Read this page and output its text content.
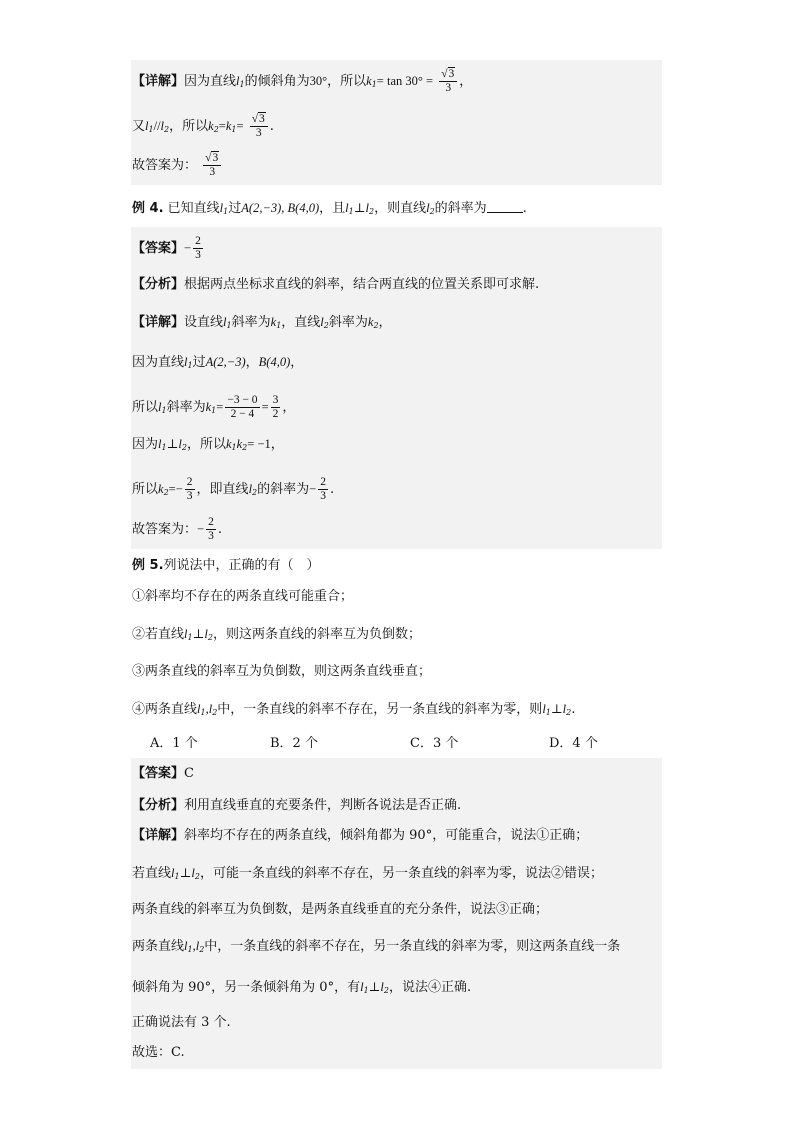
【详解】因为直线$l_1$的倾斜角为30°，所以$k_1= \tan 30^\circ = \frac{√3}{3}$ ，
又$l_1//l_2$，所以$k_2=k_1= \frac{√3}{3}$ .
故答案为： $\frac{√3}{3}$
例 4. 已知直线$l_1$过A(2,−3), B(4,0)，且$l_1\perp l_2$，则直线$l_2$的斜率为	.
【答案】− $\frac{2}{3}$
【分析】根据两点坐标求直线的斜率，结合两直线的位置关系即可求解.
【详解】设直线$l_1$斜率为$k_1$，直线$l_2$斜率为$k_2$，
因为直线$l_1$过A(2,−3)，B(4,0)，
所以$l_1$斜率为$k_1= \frac{-3 - 0}{2 - 4} = \frac{3}{2}$ ，
因为$l_1\perp l_2$，所以$k_1k_2= -1$，
所以$k_2=- \frac{2}{3}$ ，即直线$l_2$的斜率为− $\frac{2}{3}$ .
故答案为：− $\frac{2}{3}$ .
例 5.列说法中，正确的有（　）
①斜率均不存在的两条直线可能重合；
②若直线$l_1\perp l_2$，则这两条直线的斜率互为负倒数；
③两条直线的斜率互为负倒数，则这两条直线垂直；
④两条直线$l_1,l_2$中，一条直线的斜率不存在，另一条直线的斜率为零，则$l_1\perp l_2$.
A．1 个	B．2 个	C．3 个	D．4 个
【答案】C
【分析】利用直线垂直的充要条件，判断各说法是否正确.
【详解】斜率均不存在的两条直线，倾斜角都为 90°，可能重合，说法①正确；
若直线$l_1\perp l_2$，可能一条直线的斜率不存在，另一条直线的斜率为零，说法②错误；
两条直线的斜率互为负倒数，是两条直线垂直的充分条件，说法③正确；
两条直线$l_1,l_2$中，一条直线的斜率不存在，另一条直线的斜率为零，则这两条直线一条
倾斜角为 90°，另一条倾斜角为 0°，有$l_1\perp l_2$，说法④正确.
正确说法有 3 个.
故选：C.
